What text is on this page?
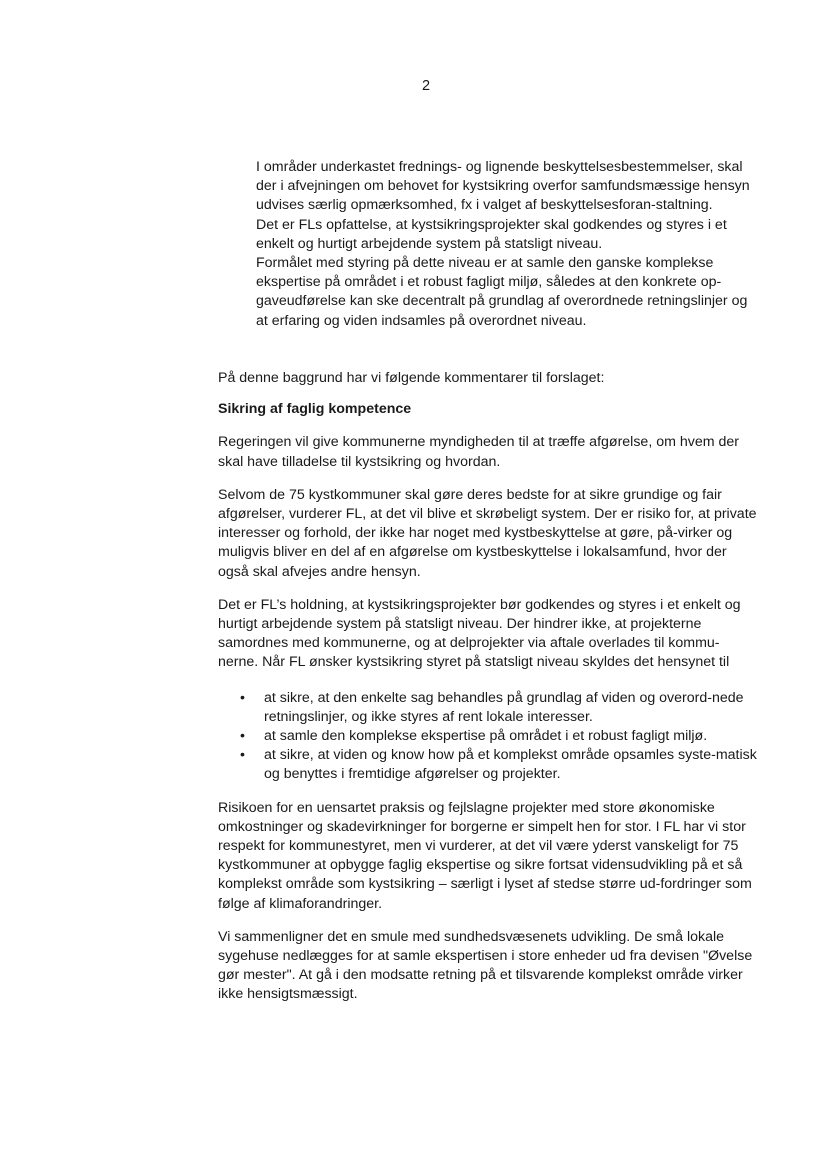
2

I områder underkastet frednings- og lignende beskyttelsesbestemmelser, skal der i afvejningen om behovet for kystsikring overfor samfundsmæssige hensyn udvises særlig opmærksomhed, fx i valget af beskyttelsesforan-staltning.

Det er FLs opfattelse, at kystsikringsprojekter skal godkendes og styres i et enkelt og hurtigt arbejdende system på statsligt niveau.

Formålet med styring på dette niveau er at samle den ganske komplekse ekspertise på området i et robust fagligt miljø, således at den konkrete op-gaveudførelse kan ske decentralt på grundlag af overordnede retningslinjer og at erfaring og viden indsamles på overordnet niveau.

På denne baggrund har vi følgende kommentarer til forslaget:

Sikring af faglig kompetence

Regeringen vil give kommunerne myndigheden til at træffe afgørelse, om hvem der skal have tilladelse til kystsikring og hvordan.

Selvom de 75 kystkommuner skal gøre deres bedste for at sikre grundige og fair afgørelser, vurderer FL, at det vil blive et skrøbeligt system. Der er risiko for, at private interesser og forhold, der ikke har noget med kystbeskyttelse at gøre, på-virker og muligvis bliver en del af en afgørelse om kystbeskyttelse i lokalsamfund, hvor der også skal afvejes andre hensyn.

Det er FL’s holdning, at kystsikringsprojekter bør godkendes og styres i et enkelt og hurtigt arbejdende system på statsligt niveau. Der hindrer ikke, at projekterne samordnes med kommunerne, og at delprojekter via aftale overlades til kommu-nerne. Når FL ønsker kystsikring styret på statsligt niveau skyldes det hensynet til

• at sikre, at den enkelte sag behandles på grundlag af viden og overord-nede retningslinjer, og ikke styres af rent lokale interesser.
• at samle den komplekse ekspertise på området i et robust fagligt miljø.
• at sikre, at viden og know how på et komplekst område opsamles syste-matisk og benyttes i fremtidige afgørelser og projekter.

Risikoen for en uensartet praksis og fejlslagne projekter med store økonomiske omkostninger og skadevirkninger for borgerne er simpelt hen for stor. I FL har vi stor respekt for kommunestyret, men vi vurderer, at det vil være yderst vanskeligt for 75 kystkommuner at opbygge faglig ekspertise og sikre fortsat vidensudvikling på et så komplekst område som kystsikring – særligt i lyset af stedse større ud-fordringer som følge af klimaforandringer.

Vi sammenligner det en smule med sundhedsvæsenets udvikling. De små lokale sygehuse nedlægges for at samle ekspertisen i store enheder ud fra devisen "Øvelse gør mester". At gå i den modsatte retning på et tilsvarende komplekst område virker ikke hensigtsmæssigt.
